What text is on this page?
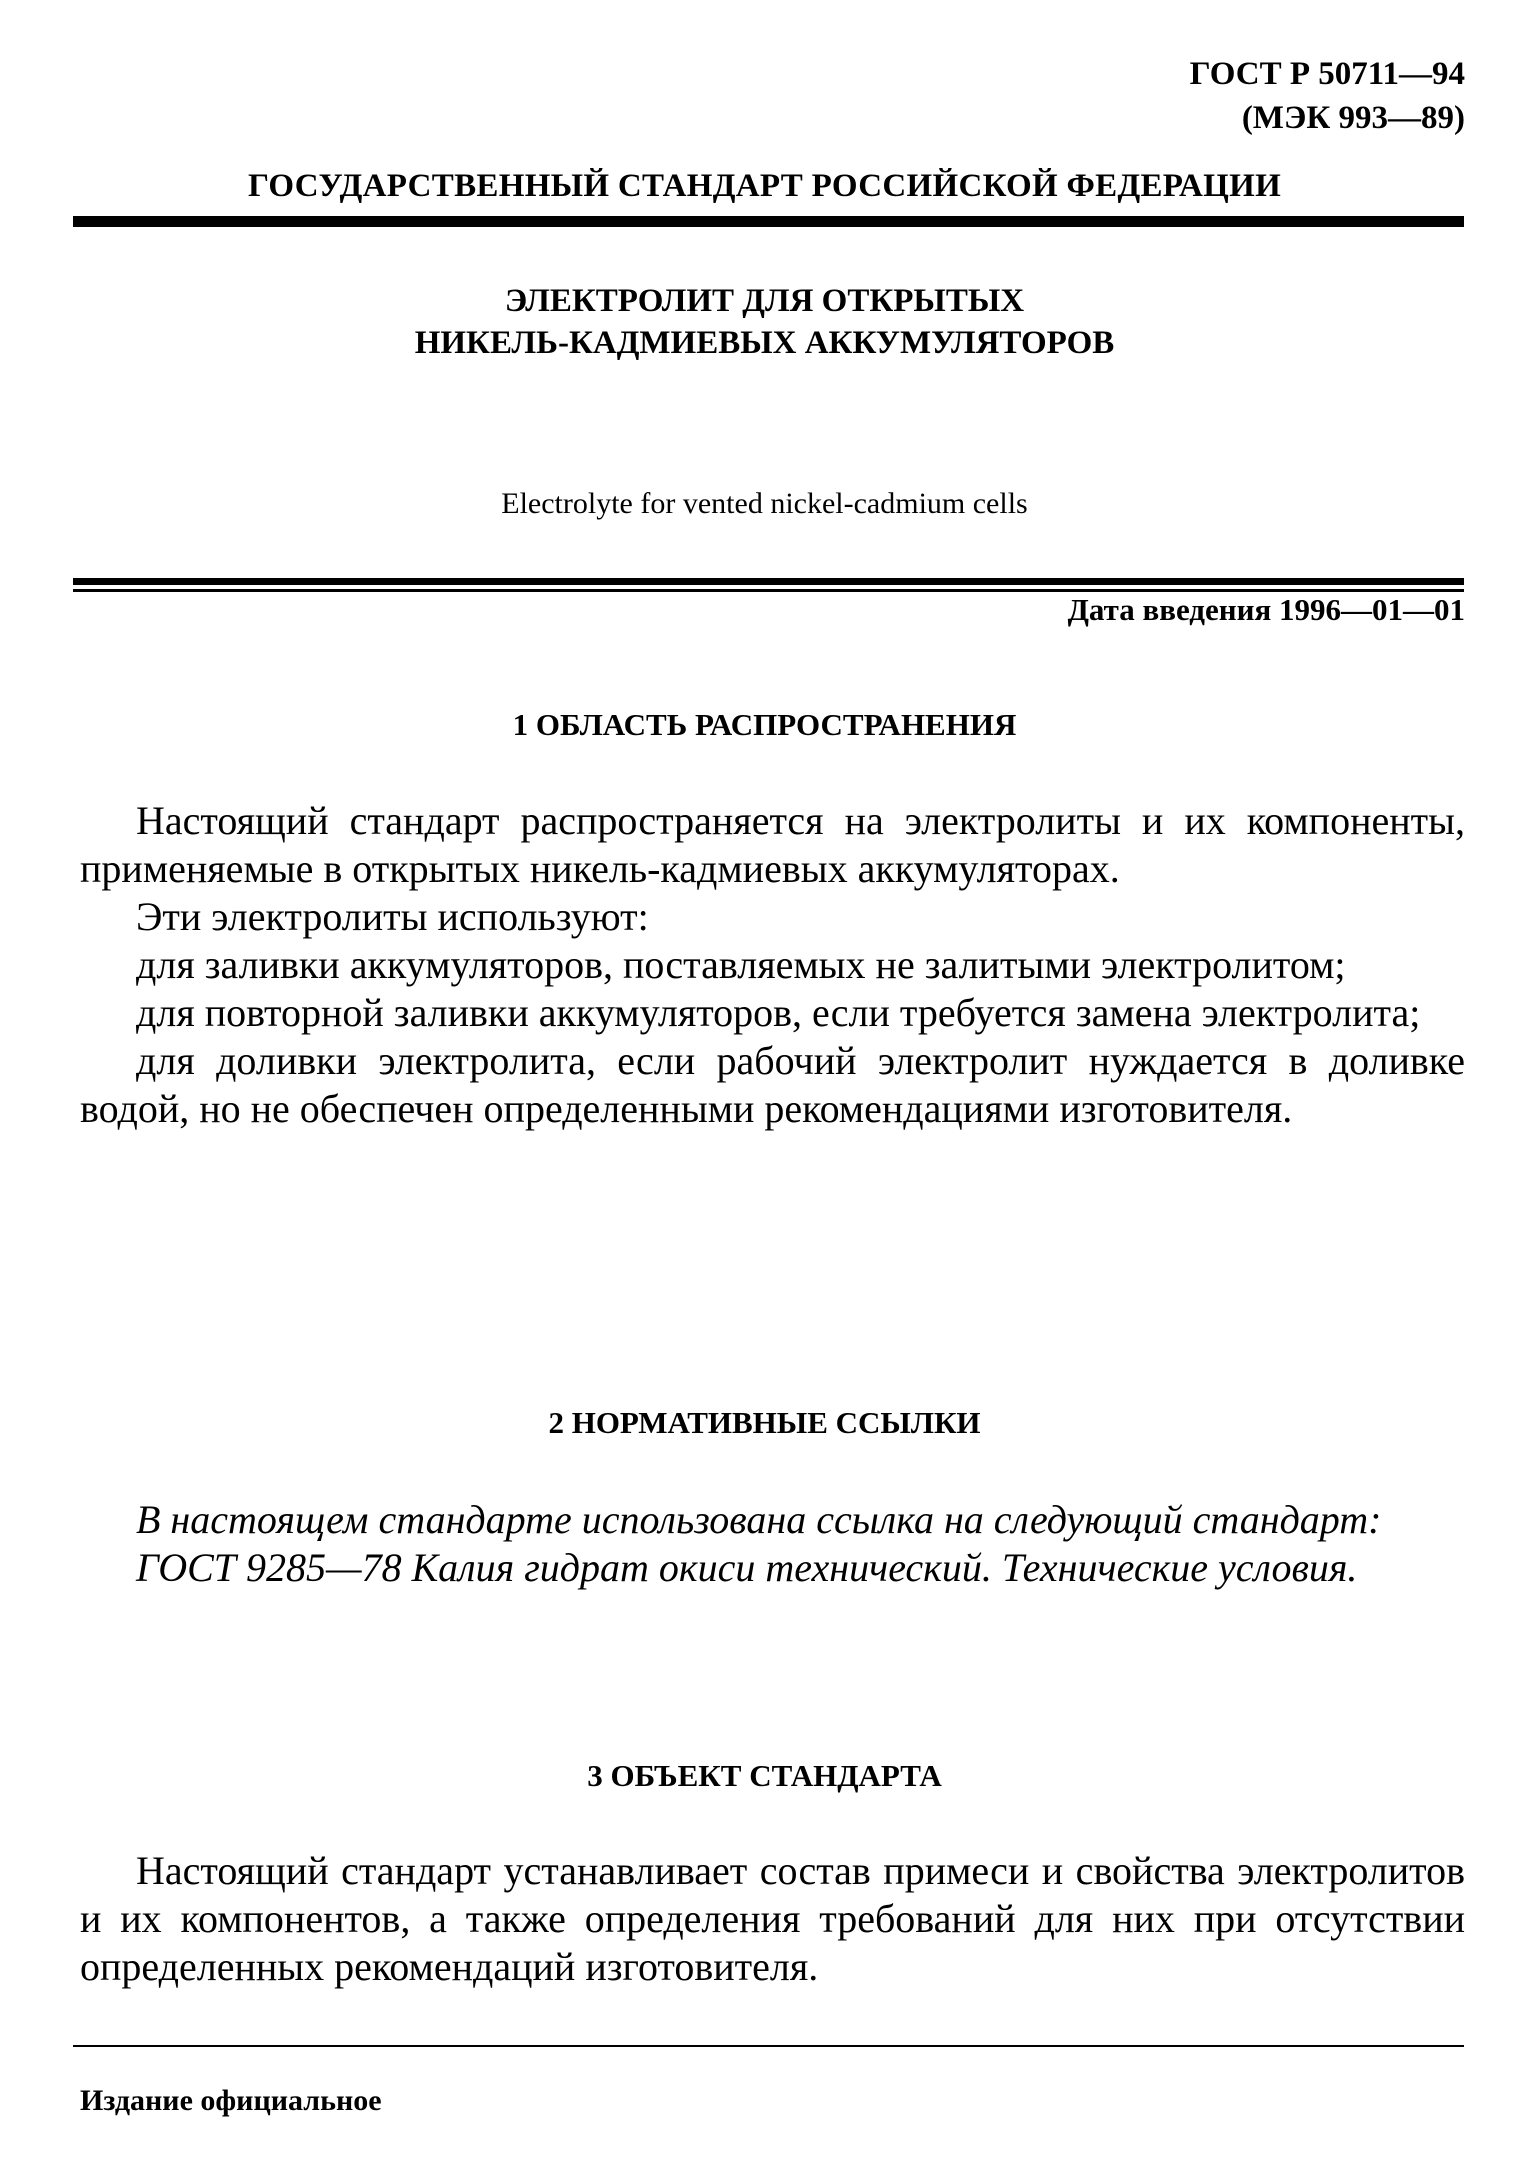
ГОСТ Р 50711—94
(МЭК 993—89)
ГОСУДАРСТВЕННЫЙ СТАНДАРТ РОССИЙСКОЙ ФЕДЕРАЦИИ
ЭЛЕКТРОЛИТ ДЛЯ ОТКРЫТЫХ
НИКЕЛЬ-КАДМИЕВЫХ АККУМУЛЯТОРОВ
Electrolyte for vented nickel-cadmium cells
Дата введения 1996—01—01
1 ОБЛАСТЬ РАСПРОСТРАНЕНИЯ

Настоящий стандарт распространяется на электролиты и их компоненты, применяемые в открытых никель-кадмиевых аккумуляторах.

Эти электролиты используют:

для заливки аккумуляторов, поставляемых не залитыми электролитом;

для повторной заливки аккумуляторов, если требуется замена электролита;

для доливки электролита, если рабочий электролит нуждается в доливке водой, но не обеспечен определенными рекомендациями изготовителя.

2 НОРМАТИВНЫЕ ССЫЛКИ

В настоящем стандарте использована ссылка на следующий стандарт:

ГОСТ 9285—78 Калия гидрат окиси технический. Технические условия.

3 ОБЪЕКТ СТАНДАРТА

Настоящий стандарт устанавливает состав примеси и свойства электролитов и их компонентов, а также определения требований для них при отсутствии определенных рекомендаций изготовителя.

Издание официальное
